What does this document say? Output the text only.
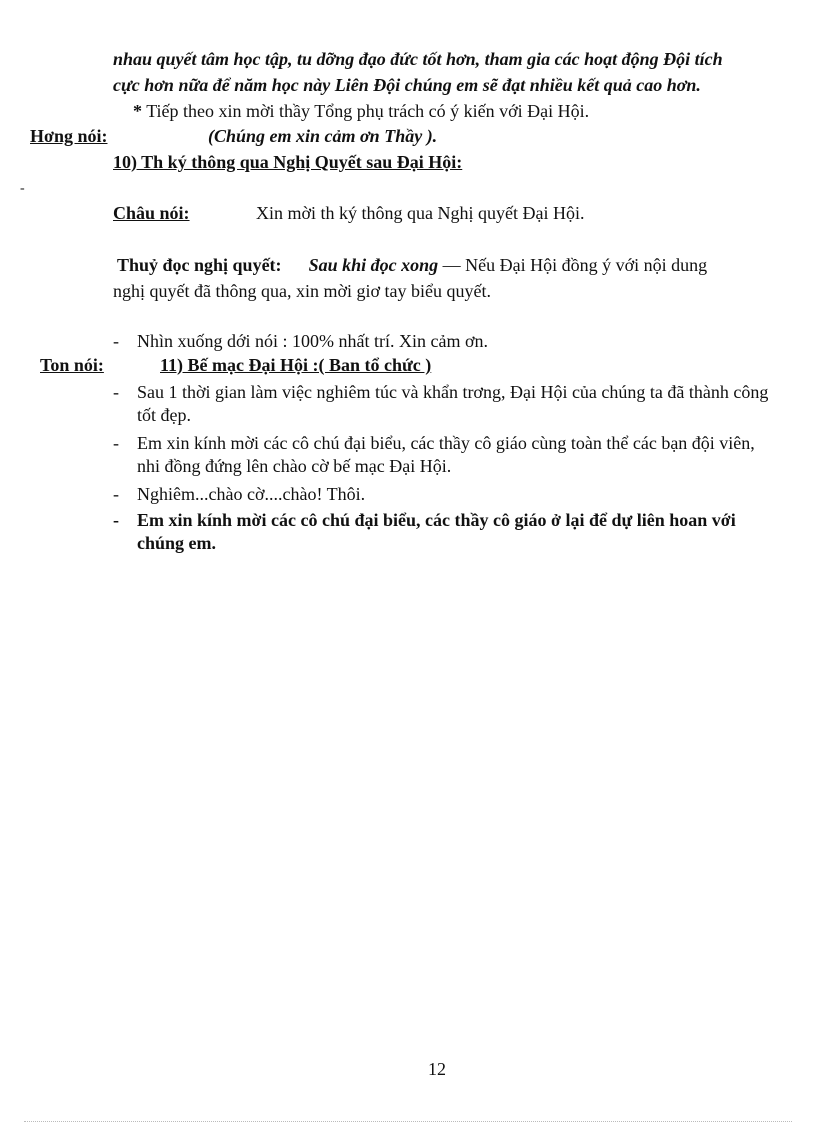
nhau quyết tâm học tập, tu dỡng đạo đức tốt hơn, tham gia các hoạt động Đội tích
cực hơn nữa để năm học này Liên Đội chúng em sẽ đạt nhiều kết quả cao hơn.
* Tiếp theo xin mời thầy Tổng phụ trách có ý kiến với Đại Hội.
Hơng nói:	(Chúng em xin cảm ơn Thầy ).
10) Th ký thông qua Nghị Quyết sau Đại Hội:
-
Châu nói:	Xin mời th ký thông qua Nghị quyết Đại Hội.
Thuỷ đọc nghị quyết: Sau khi đọc xong — Nếu Đại Hội đồng ý với nội dung
nghị quyết đã thông qua, xin mời giơ tay biểu quyết.
- Nhìn xuống dới nói : 100% nhất trí. Xin cảm ơn.
Ton nói:	11) Bế mạc Đại Hội :( Ban tổ chức )
- Sau 1 thời gian làm việc nghiêm túc và khẩn trơng, Đại Hội của chúng ta đã thành công tốt đẹp.
- Em xin kính mời các cô chú đại biểu, các thầy cô giáo cùng toàn thể các bạn đội viên, nhi đồng đứng lên chào cờ bế mạc Đại Hội.
- Nghiêm...chào cờ....chào! Thôi.
- Em xin kính mời các cô chú đại biểu, các thầy cô giáo ở lại để dự liên hoan với chúng em.
12
